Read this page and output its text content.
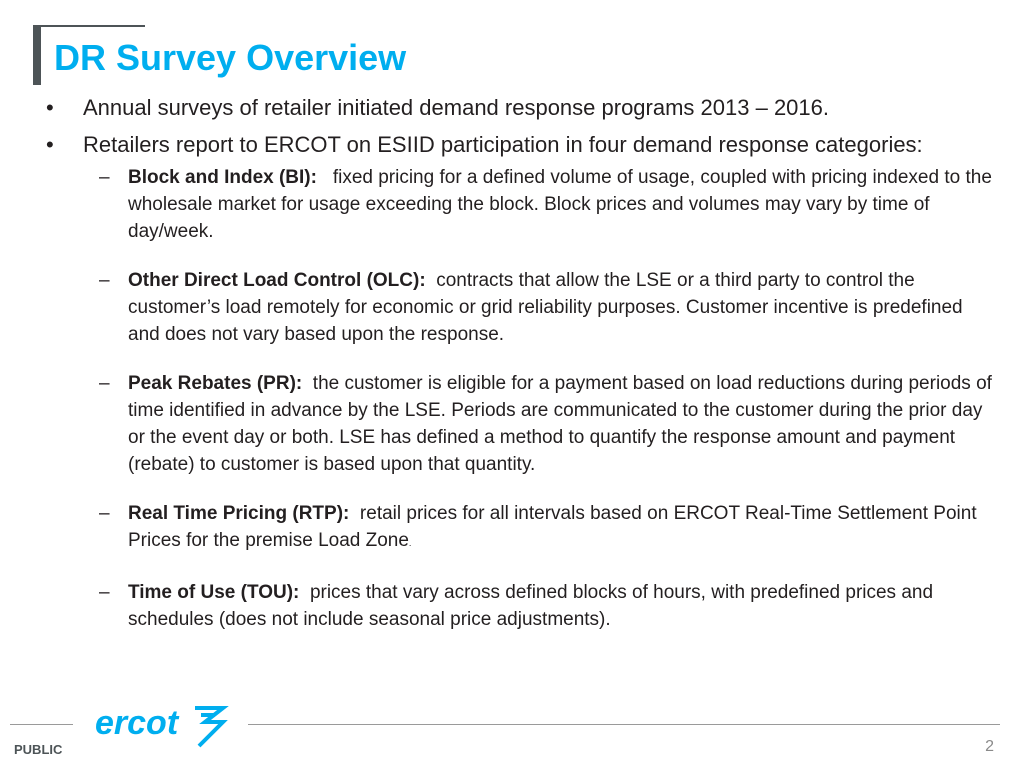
DR Survey Overview
•	Annual surveys of retailer initiated demand response programs 2013 – 2016.
•	Retailers report to ERCOT on ESIID participation in four demand response categories:
– Block and Index (BI): fixed pricing for a defined volume of usage, coupled with pricing indexed to the wholesale market for usage exceeding the block. Block prices and volumes may vary by time of day/week.
– Other Direct Load Control (OLC): contracts that allow the LSE or a third party to control the customer’s load remotely for economic or grid reliability purposes. Customer incentive is predefined and does not vary based upon the response.
– Peak Rebates (PR): the customer is eligible for a payment based on load reductions during periods of time identified in advance by the LSE. Periods are communicated to the customer during the prior day or the event day or both. LSE has defined a method to quantify the response amount and payment (rebate) to customer is based upon that quantity.
– Real Time Pricing (RTP): retail prices for all intervals based on ERCOT Real-Time Settlement Point Prices for the premise Load Zone.
– Time of Use (TOU): prices that vary across defined blocks of hours, with predefined prices and schedules (does not include seasonal price adjustments).
ercot
PUBLIC	2
